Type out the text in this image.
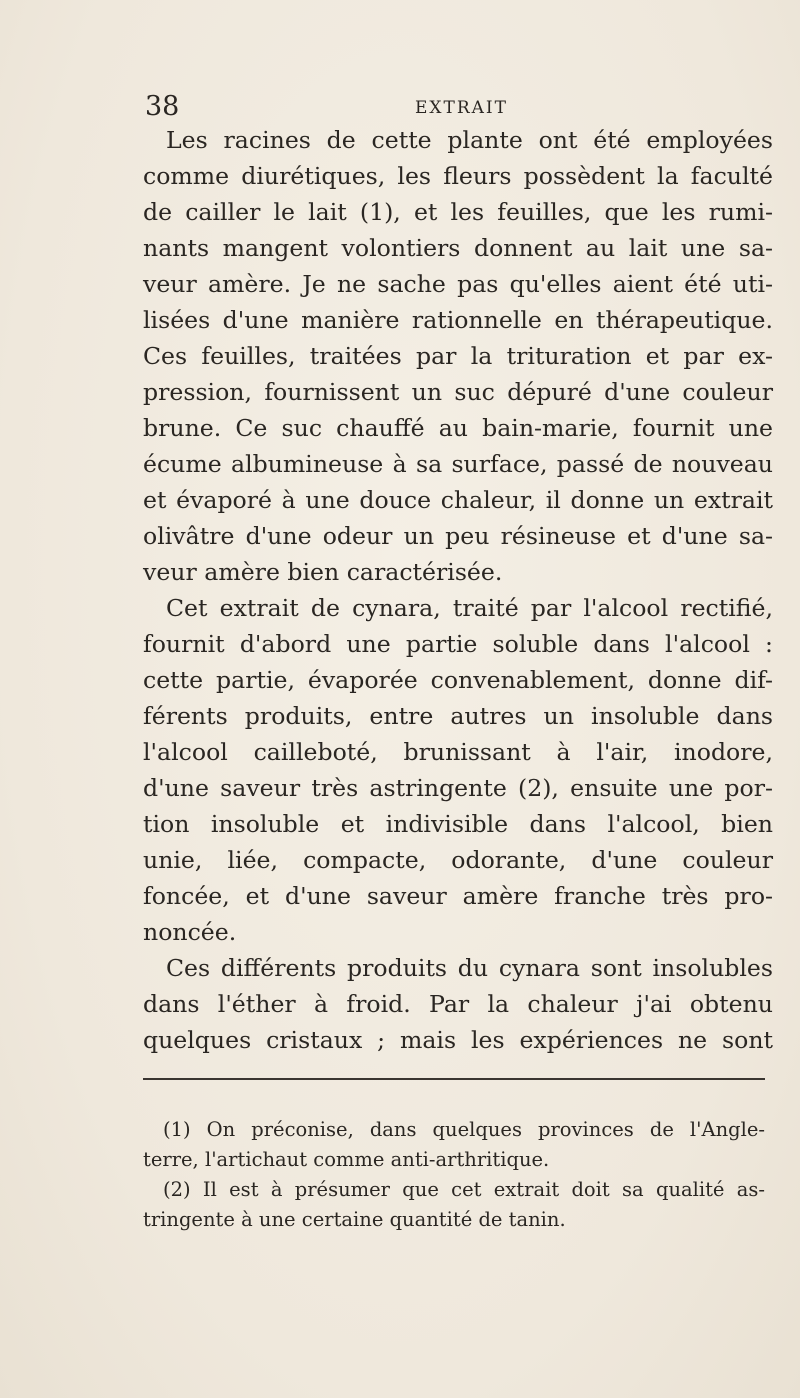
38	EXTRAIT
Les racines de cette plante ont été employées
comme diurétiques, les fleurs possèdent la faculté
de cailler le lait (1), et les feuilles, que les rumi-
nants mangent volontiers donnent au lait une sa-
veur amère. Je ne sache pas qu'elles aient été uti-
lisées d'une manière rationnelle en thérapeutique.
Ces feuilles, traitées par la trituration et par ex-
pression, fournissent un suc dépuré d'une couleur
brune. Ce suc chauffé au bain-marie, fournit une
écume albumineuse à sa surface, passé de nouveau
et évaporé à une douce chaleur, il donne un extrait
olivâtre d'une odeur un peu résineuse et d'une sa-
veur amère bien caractérisée.
Cet extrait de cynara, traité par l'alcool rectifié,
fournit d'abord une partie soluble dans l'alcool :
cette partie, évaporée convenablement, donne dif-
férents produits, entre autres un insoluble dans
l'alcool cailleboté, brunissant à l'air, inodore,
d'une saveur très astringente (2), ensuite une por-
tion insoluble et indivisible dans l'alcool, bien
unie, liée, compacte, odorante, d'une couleur
foncée, et d'une saveur amère franche très pro-
noncée.
Ces différents produits du cynara sont insolubles
dans l'éther à froid. Par la chaleur j'ai obtenu
quelques cristaux ; mais les expériences ne sont
(1) On préconise, dans quelques provinces de l'Angle-
terre, l'artichaut comme anti-arthritique.
(2) Il est à présumer que cet extrait doit sa qualité as-
tringente à une certaine quantité de tanin.
